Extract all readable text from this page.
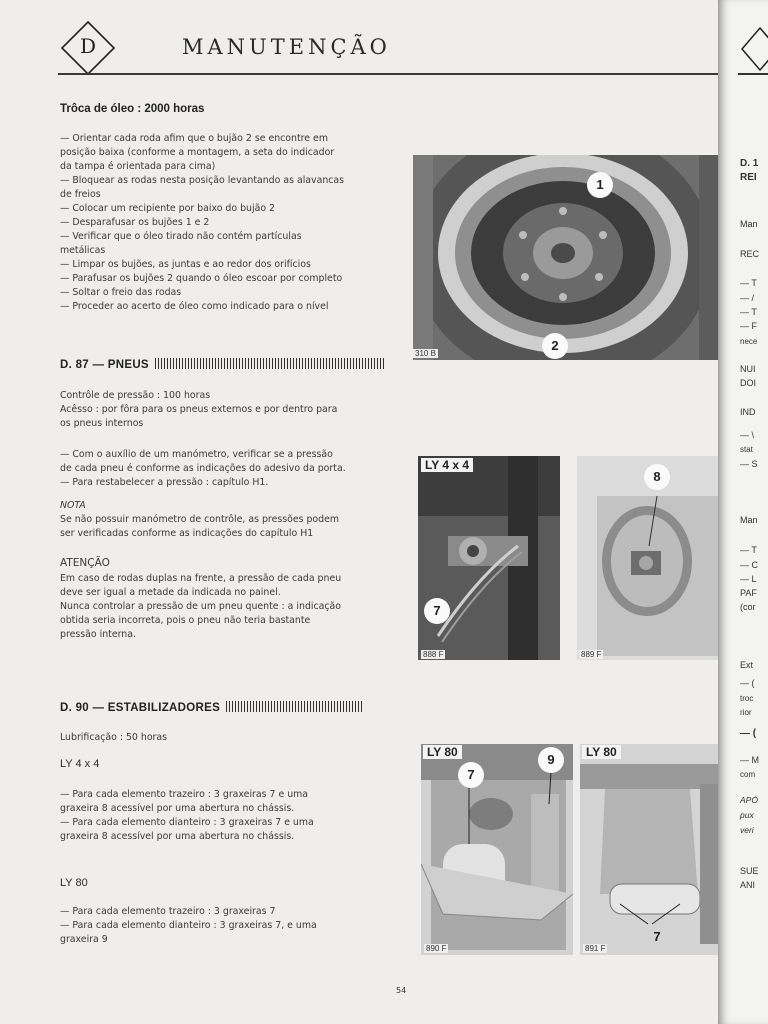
D	MANUTENÇÃO
Trôca de óleo : 2000 horas
— Orientar cada roda afim que o bujão 2 se encontre em
posição baixa (conforme a montagem, a seta do indicador
da tampa é orientada para cima)
— Bloquear as rodas nesta posição levantando as alavancas
de freios
— Colocar um recipiente por baixo do bujão 2
— Desparafusar os bujões 1 e 2
— Verificar que o óleo tirado não contém partículas
metálicas
— Limpar os bujões, as juntas e ao redor dos orifícios
— Parafusar os bujões 2 quando o óleo escoar por completo
— Soltar o freio das rodas
— Proceder ao acerto de óleo como indicado para o nível
D. 87 — PNEUS
Contrôle de pressão : 100 horas
Acêsso : por fôra para os pneus externos e por dentro para
os pneus internos
— Com o auxílio de um manómetro, verificar se a pressão
de cada pneu é conforme as indicações do adesivo da porta.
— Para restabelecer a pressão : capítulo H1.
NOTA
Se não possuir manómetro de contrôle, as pressões podem
ser verificadas conforme as indicações do capítulo H1
ATENÇÃO
Em caso de rodas duplas na frente, a pressão de cada pneu
deve ser igual a metade da indicada no painel.
Nunca controlar a pressão de um pneu quente : a indicação
obtida seria incorreta, pois o pneu não teria bastante
pressão interna.
D. 90 — ESTABILIZADORES
Lubrificação : 50 horas
LY 4 x 4
— Para cada elemento trazeiro : 3 graxeiras 7 e uma
graxeira 8 acessível por uma abertura no chássis.
— Para cada elemento dianteiro : 3 graxeiras 7 e uma
graxeira 8 acessível por uma abertura no chássis.
LY 80
— Para cada elemento trazeiro : 3 graxeiras 7
— Para cada elemento dianteiro : 3 graxeiras 7, e uma
graxeira 9
1
2
310 B
LY 4 x 4
7
888 F
8
889 F
LY 80
7
9
890 F
LY 80
7
891 F
54
D. 1
REI
Man
REC
— T
— /
— T
— F
nece
NUI
DOI
IND
— \
stat
— S
Man
— T
— C
— L
PAF
(cor
Ext
— (
troc
rior
— (
— M
com
APÓ
pux
veri
SUE
ANI
